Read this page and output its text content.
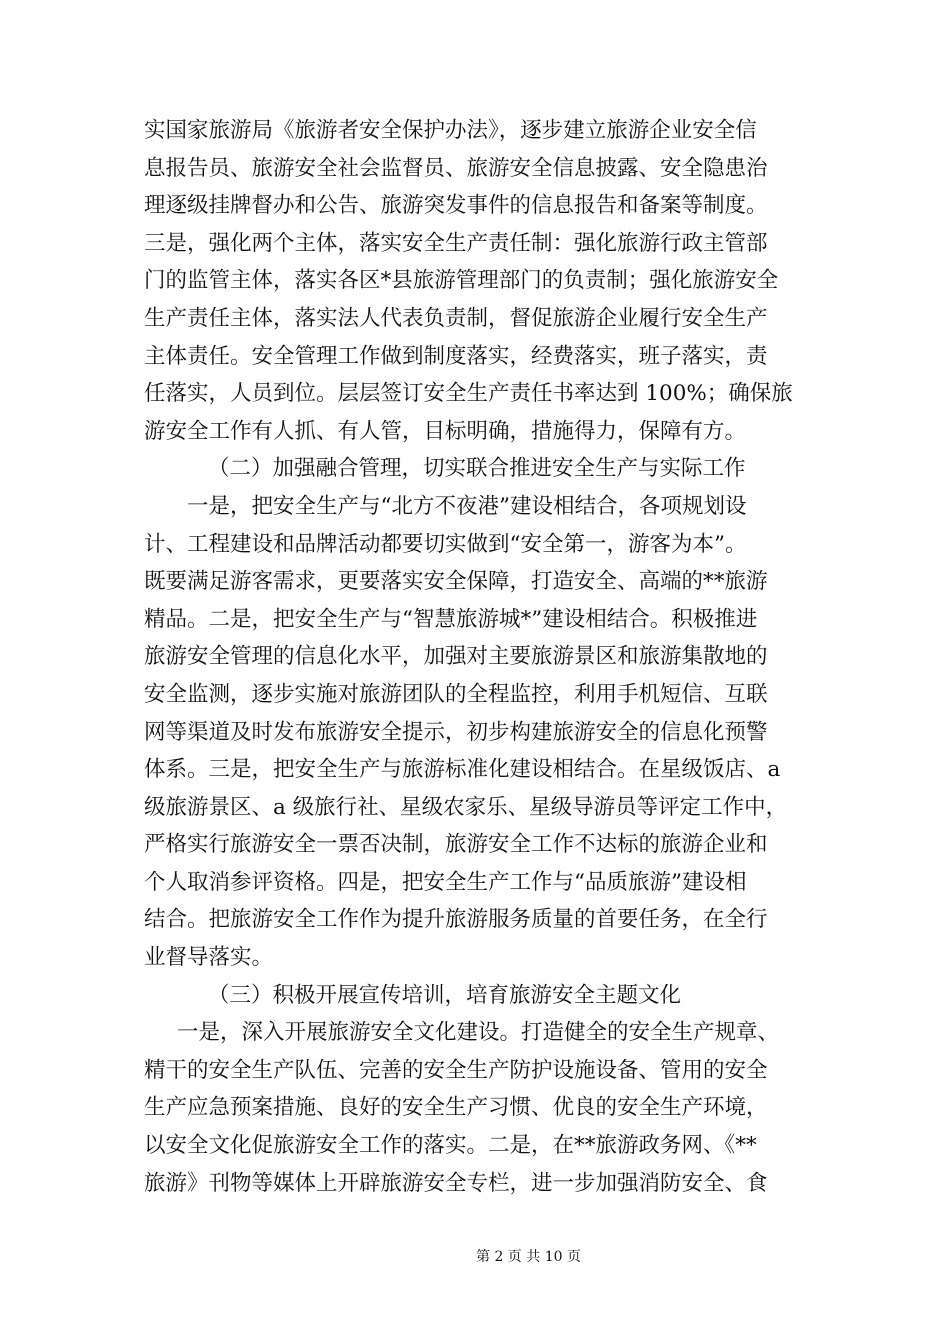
实国家旅游局《旅游者安全保护办法》，逐步建立旅游企业安全信
息报告员、旅游安全社会监督员、旅游安全信息披露、安全隐患治
理逐级挂牌督办和公告、旅游突发事件的信息报告和备案等制度。
三是，强化两个主体，落实安全生产责任制：强化旅游行政主管部
门的监管主体，落实各区*县旅游管理部门的负责制；强化旅游安全
生产责任主体，落实法人代表负责制，督促旅游企业履行安全生产
主体责任。安全管理工作做到制度落实，经费落实，班子落实，责
任落实，人员到位。层层签订安全生产责任书率达到 100%；确保旅
游安全工作有人抓、有人管，目标明确，措施得力，保障有方。
（二）加强融合管理，切实联合推进安全生产与实际工作
一是，把安全生产与“北方不夜港”建设相结合，各项规划设
计、工程建设和品牌活动都要切实做到“安全第一，游客为本”。
既要满足游客需求，更要落实安全保障，打造安全、高端的**旅游
精品。二是，把安全生产与“智慧旅游城*”建设相结合。积极推进
旅游安全管理的信息化水平，加强对主要旅游景区和旅游集散地的
安全监测，逐步实施对旅游团队的全程监控，利用手机短信、互联
网等渠道及时发布旅游安全提示，初步构建旅游安全的信息化预警
体系。三是，把安全生产与旅游标准化建设相结合。在星级饭店、a
级旅游景区、a 级旅行社、星级农家乐、星级导游员等评定工作中，
严格实行旅游安全一票否决制，旅游安全工作不达标的旅游企业和
个人取消参评资格。四是，把安全生产工作与“品质旅游”建设相
结合。把旅游安全工作作为提升旅游服务质量的首要任务，在全行
业督导落实。
（三）积极开展宣传培训，培育旅游安全主题文化
一是，深入开展旅游安全文化建设。打造健全的安全生产规章、
精干的安全生产队伍、完善的安全生产防护设施设备、管用的安全
生产应急预案措施、良好的安全生产习惯、优良的安全生产环境，
以安全文化促旅游安全工作的落实。二是，在**旅游政务网、《**
旅游》刊物等媒体上开辟旅游安全专栏，进一步加强消防安全、食
第 2 页 共 10 页
